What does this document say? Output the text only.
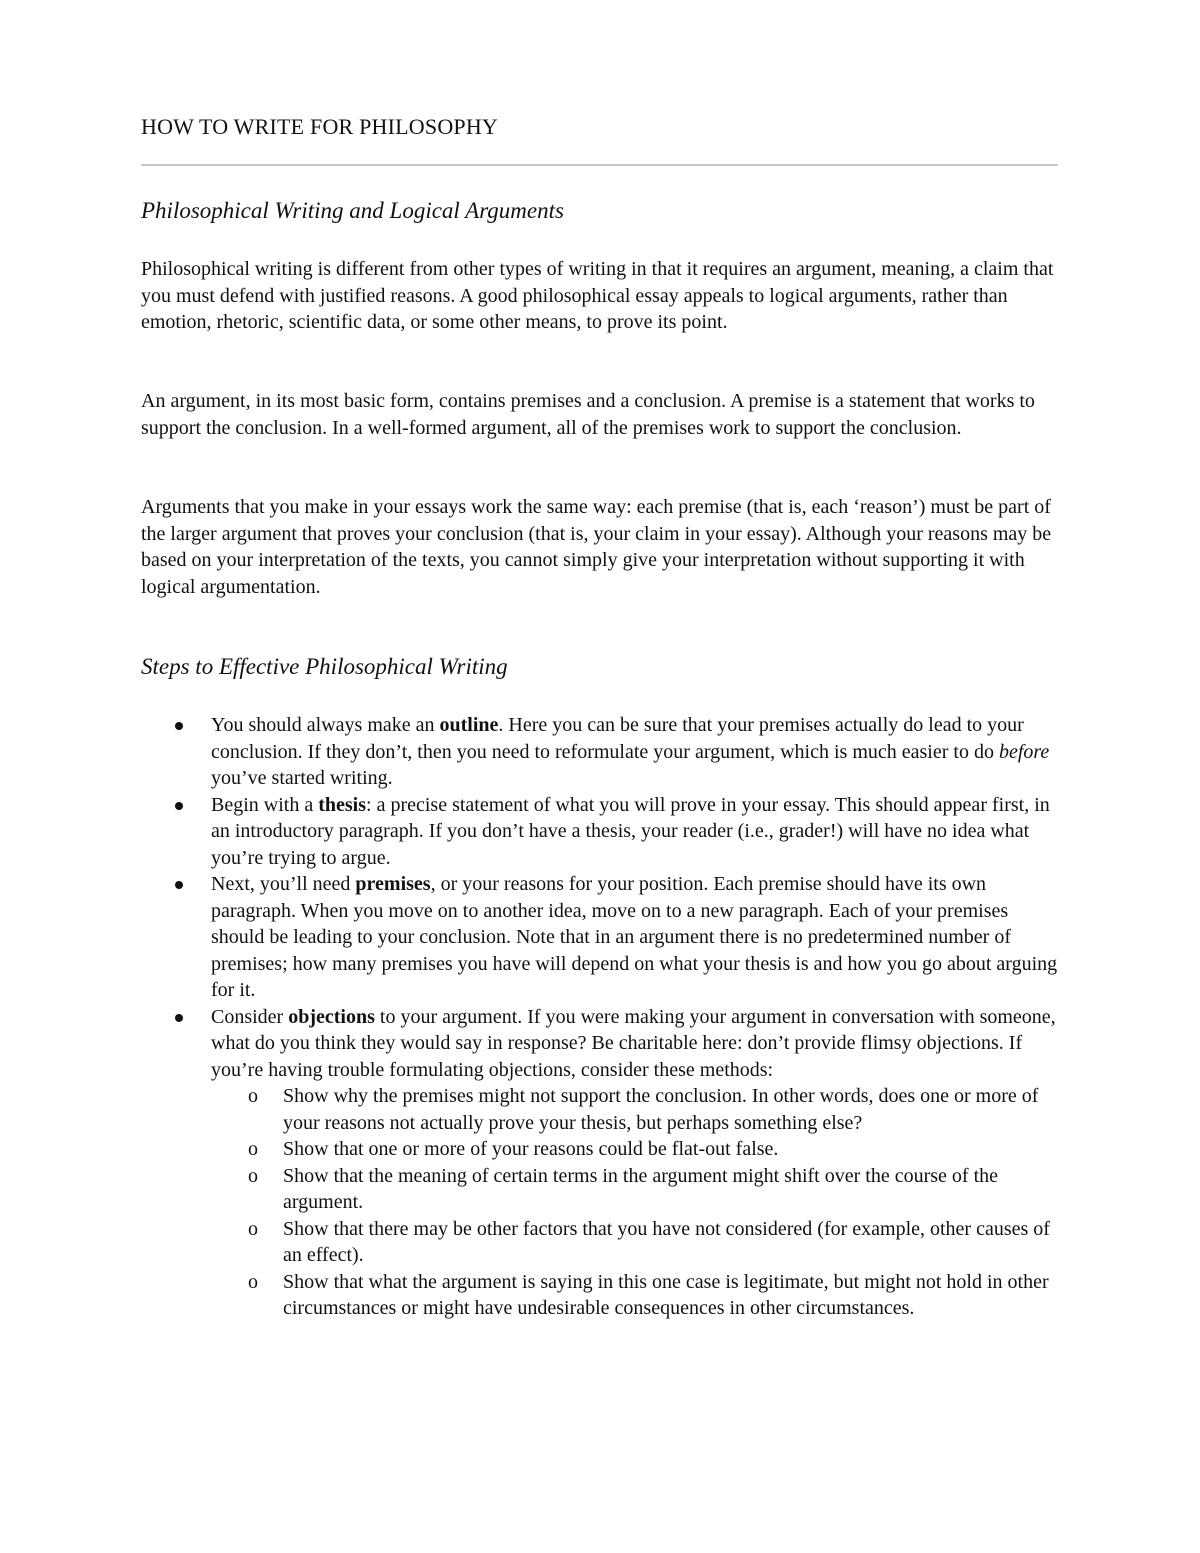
HOW TO WRITE FOR PHILOSOPHY
Philosophical Writing and Logical Arguments

Philosophical writing is different from other types of writing in that it requires an argument, meaning, a claim that you must defend with justified reasons. A good philosophical essay appeals to logical arguments, rather than emotion, rhetoric, scientific data, or some other means, to prove its point.

An argument, in its most basic form, contains premises and a conclusion. A premise is a statement that works to support the conclusion. In a well-formed argument, all of the premises work to support the conclusion.

Arguments that you make in your essays work the same way: each premise (that is, each ‘reason’) must be part of the larger argument that proves your conclusion (that is, your claim in your essay). Although your reasons may be based on your interpretation of the texts, you cannot simply give your interpretation without supporting it with logical argumentation.

Steps to Effective Philosophical Writing
You should always make an outline. Here you can be sure that your premises actually do lead to your conclusion. If they don’t, then you need to reformulate your argument, which is much easier to do before you’ve started writing.
Begin with a thesis: a precise statement of what you will prove in your essay. This should appear first, in an introductory paragraph. If you don’t have a thesis, your reader (i.e., grader!) will have no idea what you’re trying to argue.
Next, you’ll need premises, or your reasons for your position. Each premise should have its own paragraph. When you move on to another idea, move on to a new paragraph. Each of your premises should be leading to your conclusion. Note that in an argument there is no predetermined number of premises; how many premises you have will depend on what your thesis is and how you go about arguing for it.
Consider objections to your argument. If you were making your argument in conversation with someone, what do you think they would say in response? Be charitable here: don’t provide flimsy objections. If you’re having trouble formulating objections, consider these methods:
o Show why the premises might not support the conclusion. In other words, does one or more of your reasons not actually prove your thesis, but perhaps something else?
o Show that one or more of your reasons could be flat-out false.
o Show that the meaning of certain terms in the argument might shift over the course of the argument.
o Show that there may be other factors that you have not considered (for example, other causes of an effect).
o Show that what the argument is saying in this one case is legitimate, but might not hold in other circumstances or might have undesirable consequences in other circumstances.
